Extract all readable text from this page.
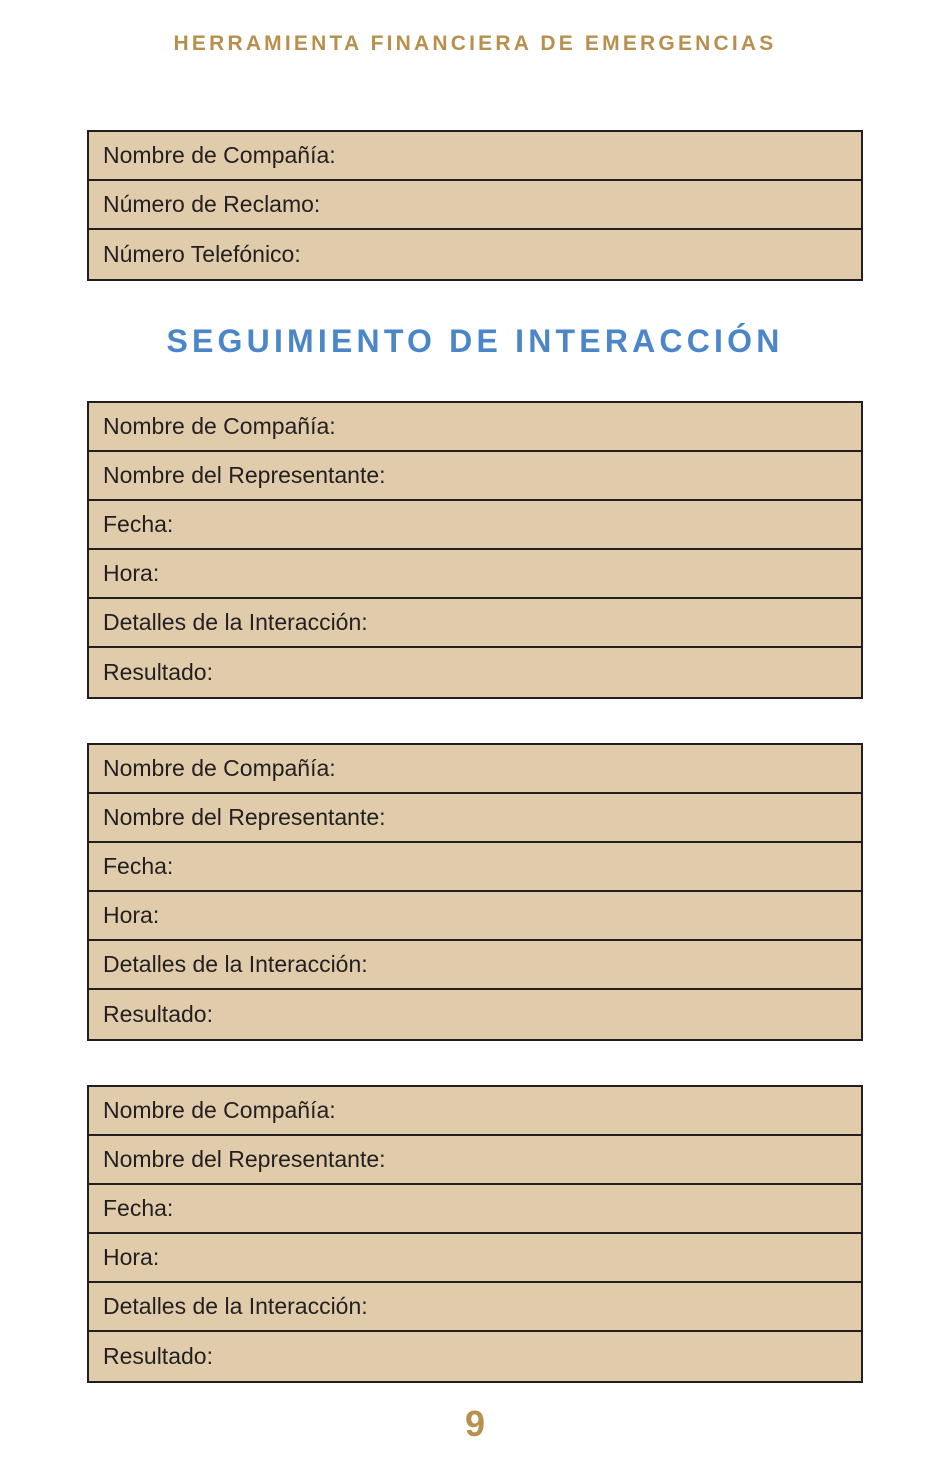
HERRAMIENTA FINANCIERA DE EMERGENCIAS
Nombre de Compañía:
Número de Reclamo:
Número Telefónico:
SEGUIMIENTO DE INTERACCIÓN
Nombre de Compañía:
Nombre del Representante:
Fecha:
Hora:
Detalles de la Interacción:
Resultado:
Nombre de Compañía:
Nombre del Representante:
Fecha:
Hora:
Detalles de la Interacción:
Resultado:
Nombre de Compañía:
Nombre del Representante:
Fecha:
Hora:
Detalles de la Interacción:
Resultado:
9
